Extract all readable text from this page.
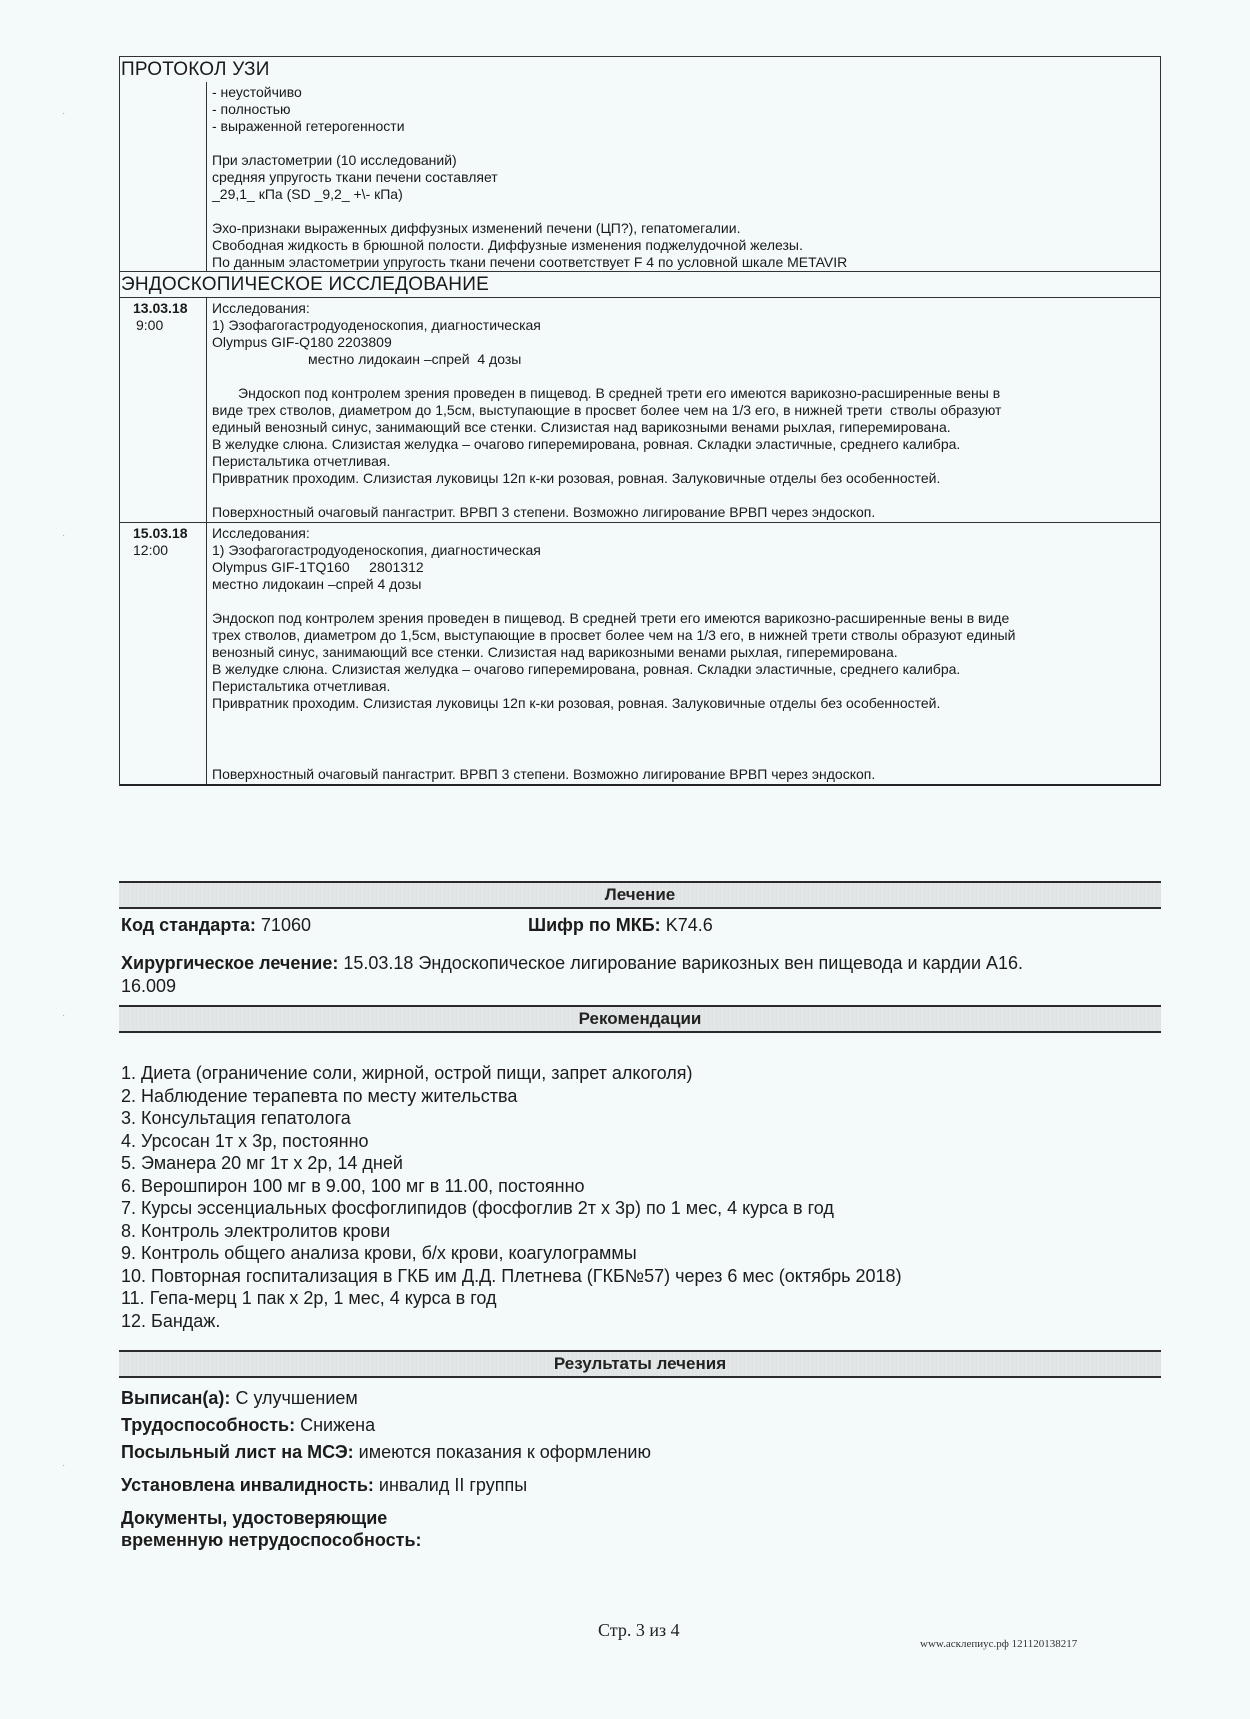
ПРОТОКОЛ УЗИ
- неустойчиво
- полностью
- выраженной гетерогенности
При эластометрии (10 исследований)
средняя упругость ткани печени составляет
_29,1_ кПа (SD _9,2_ +\- кПа)
Эхо-признаки выраженных диффузных изменений печени (ЦП?), гепатомегалии.
Свободная жидкость в брюшной полости. Диффузные изменения поджелудочной железы.
По данным эластометрии упругость ткани печени соответствует F 4 по условной шкале METAVIR
ЭНДОСКОПИЧЕСКОЕ ИССЛЕДОВАНИЕ
13.03.18
9:00
Исследования:
1) Эзофагогастродуоденоскопия, диагностическая
Olympus GIF-Q180 2203809
местно лидокаин –спрей  4 дозы
Эндоскоп под контролем зрения проведен в пищевод. В средней трети его имеются варикозно-расширенные вены в
виде трех стволов, диаметром до 1,5см, выступающие в просвет более чем на 1/3 его, в нижней трети  стволы образуют
единый венозный синус, занимающий все стенки. Слизистая над варикозными венами рыхлая, гиперемирована.
В желудке слюна. Слизистая желудка – очагово гиперемирована, ровная. Складки эластичные, среднего калибра.
Перистальтика отчетливая.
Привратник проходим. Слизистая луковицы 12п к-ки розовая, ровная. Залуковичные отделы без особенностей.
Поверхностный очаговый пангастрит. ВРВП 3 степени. Возможно лигирование ВРВП через эндоскоп.
15.03.18
12:00
Исследования:
1) Эзофагогастродуоденоскопия, диагностическая
Olympus GIF-1TQ160     2801312
местно лидокаин –спрей 4 дозы
Эндоскоп под контролем зрения проведен в пищевод. В средней трети его имеются варикозно-расширенные вены в виде
трех стволов, диаметром до 1,5см, выступающие в просвет более чем на 1/3 его, в нижней трети стволы образуют единый
венозный синус, занимающий все стенки. Слизистая над варикозными венами рыхлая, гиперемирована.
В желудке слюна. Слизистая желудка – очагово гиперемирована, ровная. Складки эластичные, среднего калибра.
Перистальтика отчетливая.
Привратник проходим. Слизистая луковицы 12п к-ки розовая, ровная. Залуковичные отделы без особенностей.
Поверхностный очаговый пангастрит. ВРВП 3 степени. Возможно лигирование ВРВП через эндоскоп.
Лечение
Код стандарта: 71060	Шифр по МКБ: K74.6
Хирургическое лечение: 15.03.18 Эндоскопическое лигирование варикозных вен пищевода и кардии A16.
16.009
Рекомендации
1. Диета (ограничение соли, жирной, острой пищи, запрет алкоголя)
2. Наблюдение терапевта по месту жительства
3. Консультация гепатолога
4. Урсосан 1т х 3р, постоянно
5. Эманера 20 мг 1т х 2р, 14 дней
6. Верошпирон 100 мг в 9.00, 100 мг в 11.00, постоянно
7. Курсы эссенциальных фосфоглипидов (фосфоглив 2т х 3р) по 1 мес, 4 курса в год
8. Контроль электролитов крови
9. Контроль общего анализа крови, б/х крови, коагулограммы
10. Повторная госпитализация в ГКБ им Д.Д. Плетнева (ГКБ№57) через 6 мес (октябрь 2018)
11. Гепа-мерц 1 пак х 2р, 1 мес, 4 курса в год
12. Бандаж.
Результаты лечения
Выписан(а): С улучшением
Трудоспособность: Снижена
Посыльный лист на МСЭ: имеются показания к оформлению
Установлена инвалидность: инвалид II группы
Документы, удостоверяющие
временную нетрудоспособность:
Стр. 3 из 4
www.асклепиус.рф 121120138217
·
·
·
·
